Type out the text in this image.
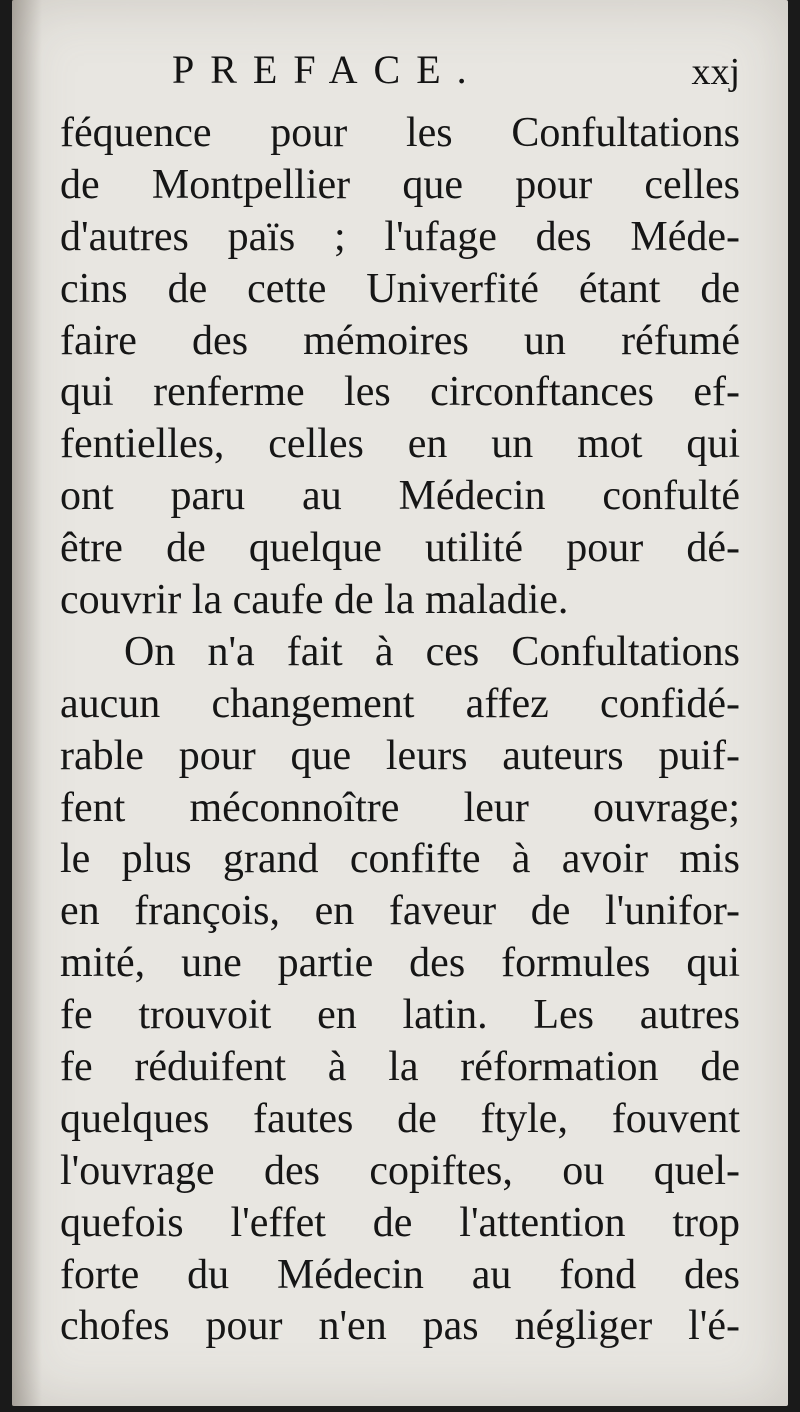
PREFACE.	xxj
féquence pour les Confultations
de Montpellier que pour celles
d'autres païs ; l'ufage des Méde-
cins de cette Univerfité étant de
faire des mémoires un réfumé
qui renferme les circonftances ef-
fentielles, celles en un mot qui
ont paru au Médecin confulté
être de quelque utilité pour dé-
couvrir la caufe de la maladie.
On n'a fait à ces Confultations
aucun changement affez confidé-
rable pour que leurs auteurs puif-
fent méconnoître leur ouvrage;
le plus grand confifte à avoir mis
en françois, en faveur de l'unifor-
mité, une partie des formules qui
fe trouvoit en latin. Les autres
fe réduifent à la réformation de
quelques fautes de ftyle, fouvent
l'ouvrage des copiftes, ou quel-
quefois l'effet de l'attention trop
forte du Médecin au fond des
chofes pour n'en pas négliger l'é-
